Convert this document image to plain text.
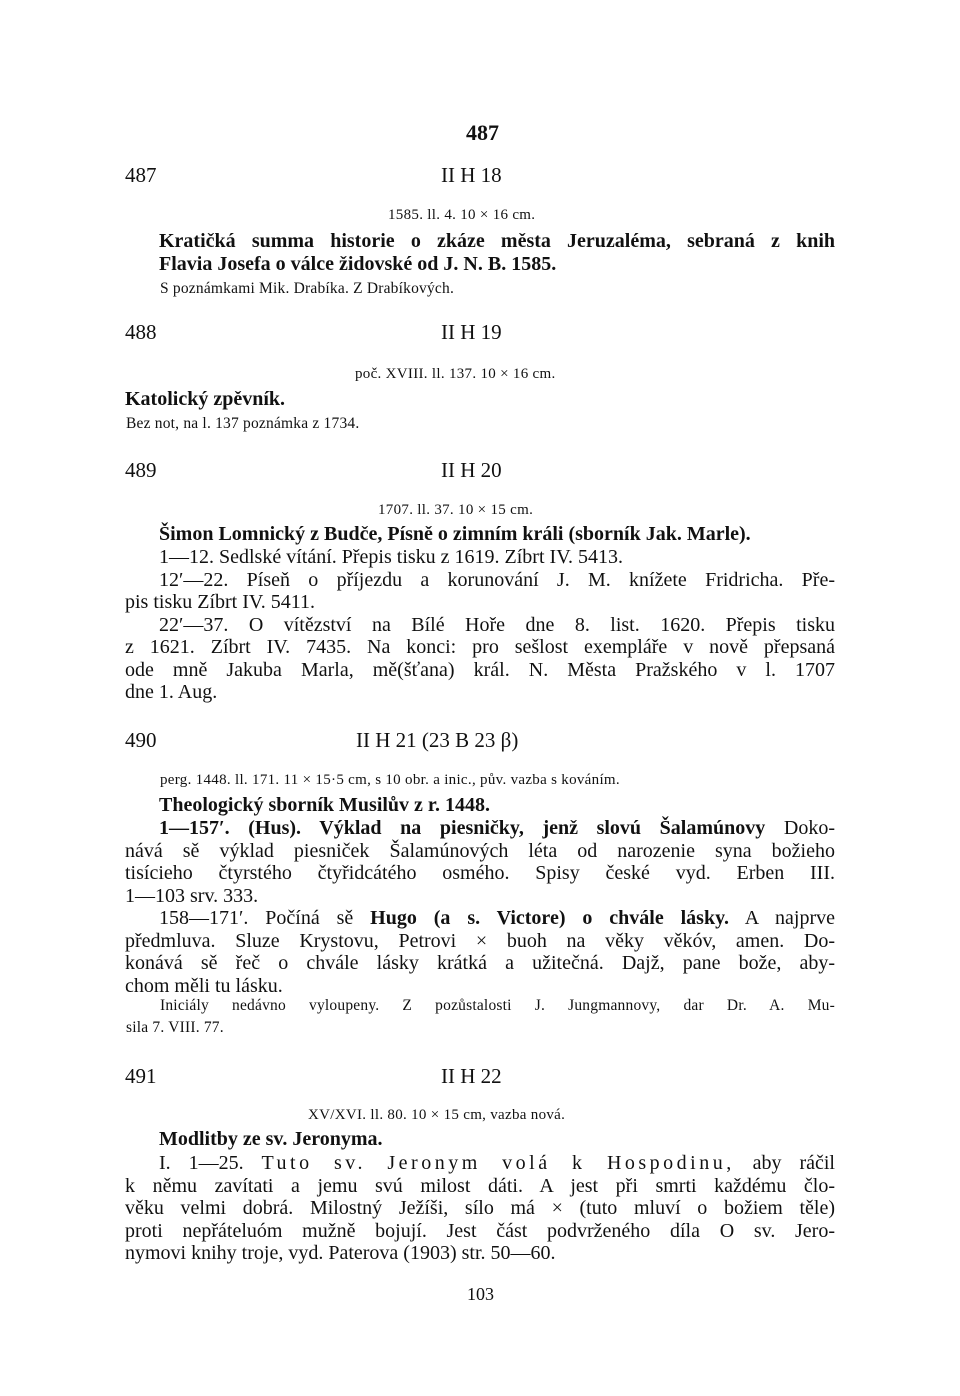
487
487	II H 18
1585. ll. 4. 10 × 16 cm.
Kratičká summa historie o zkáze města Jeruzaléma, sebraná z knih
Flavia Josefa o válce židovské od J. N. B. 1585.
S poznámkami Mik. Drabíka. Z Drabíkových.
488	II H 19
poč. XVIII. ll. 137. 10 × 16 cm.
Katolický zpěvník.
Bez not, na l. 137 poznámka z 1734.
489	II H 20
1707. ll. 37. 10 × 15 cm.
Šimon Lomnický z Budče, Písně o zimním králi (sborník Jak. Marle).
1—12. Sedlské vítání. Přepis tisku z 1619. Zíbrt IV. 5413.
12′—22. Píseň o příjezdu a korunování J. M. knížete Fridricha. Pře-
pis tisku Zíbrt IV. 5411.
22′—37. O vítězství na Bílé Hoře dne 8. list. 1620. Přepis tisku
z 1621. Zíbrt IV. 7435. Na konci: pro sešlost exempláře v nově přepsaná
ode mně Jakuba Marla, mě(šťana) král. N. Města Pražského v l. 1707
dne 1. Aug.
490	II H 21 (23 B 23 β)
perg. 1448. ll. 171. 11 × 15·5 cm, s 10 obr. a inic., pův. vazba s kováním.
Theologický sborník Musilův z r. 1448.
1—157′. (Hus). Výklad na piesničky, jenž slovú Šalamúnovy Doko-
nává sě výklad piesniček Šalamúnových léta od narozenie syna božieho
tisícieho čtyrstého čtyřidcátého osmého. Spisy české vyd. Erben III.
1—103 srv. 333.
158—171′. Počíná sě Hugo (a s. Victore) o chvále lásky. A najprve
předmluva. Sluze Krystovu, Petrovi × buoh na věky věkóv, amen. Do-
konává sě řeč o chvále lásky krátká a užitečná. Dajž, pane bože, aby-
chom měli tu lásku.
Iniciály nedávno vyloupeny. Z pozůstalosti J. Jungmannovy, dar Dr. A. Mu-
sila 7. VIII. 77.
491	II H 22
XV/XVI. ll. 80. 10 × 15 cm, vazba nová.
Modlitby ze sv. Jeronyma.
I. 1—25. Tuto sv. Jeronym volá k Hospodinu, aby ráčil
k němu zavítati a jemu svú milost dáti. A jest při smrti každému člo-
věku velmi dobrá. Milostný Ježíši, sílo má × (tuto mluví o božiem těle)
proti nepřáteluóm mužně bojují. Jest část podvrženého díla O sv. Jero-
nymovi knihy troje, vyd. Paterova (1903) str. 50—60.
103
